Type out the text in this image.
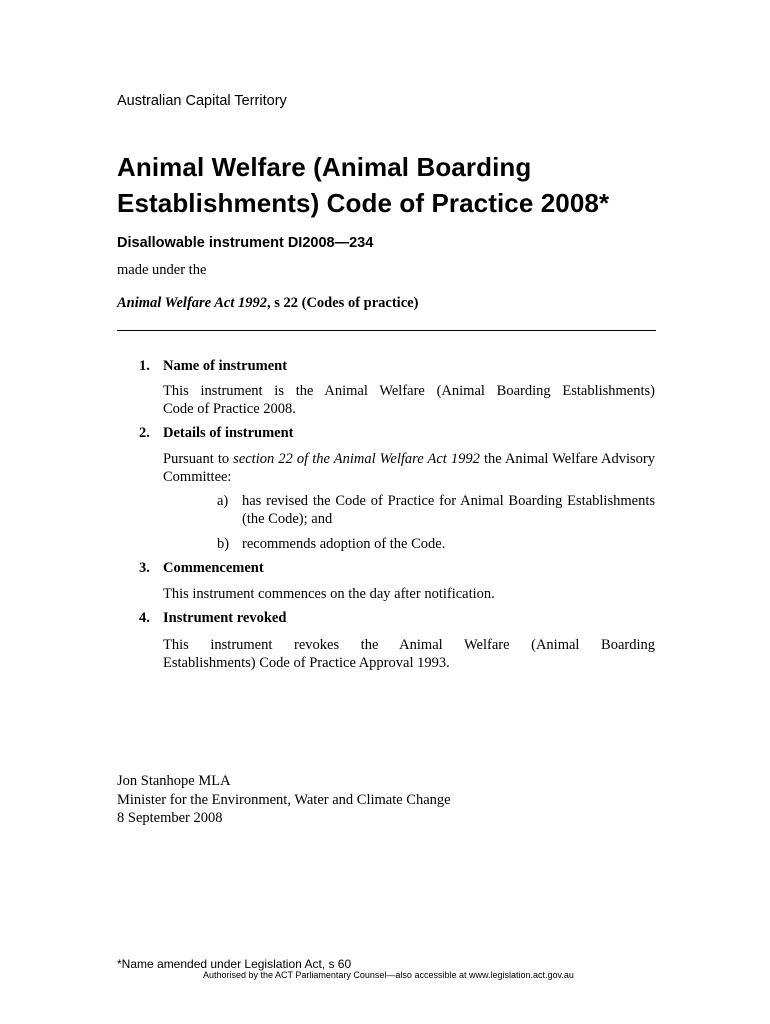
Australian Capital Territory

Animal Welfare (Animal Boarding
Establishments) Code of Practice 2008*

Disallowable instrument DI2008—234

made under the

Animal Welfare Act 1992, s 22 (Codes of practice)

1. Name of instrument
This instrument is the Animal Welfare (Animal Boarding Establishments)
Code of Practice 2008.
2. Details of instrument
Pursuant to section 22 of the Animal Welfare Act 1992 the Animal Welfare Advisory Committee:
a) has revised the Code of Practice for Animal Boarding Establishments (the Code); and
b) recommends adoption of the Code.
3. Commencement
This instrument commences on the day after notification.
4. Instrument revoked
This instrument revokes the Animal Welfare (Animal Boarding
Establishments) Code of Practice Approval 1993.
Jon Stanhope MLA
Minister for the Environment, Water and Climate Change
8 September 2008

*Name amended under Legislation Act, s 60

Authorised by the ACT Parliamentary Counsel—also accessible at www.legislation.act.gov.au
